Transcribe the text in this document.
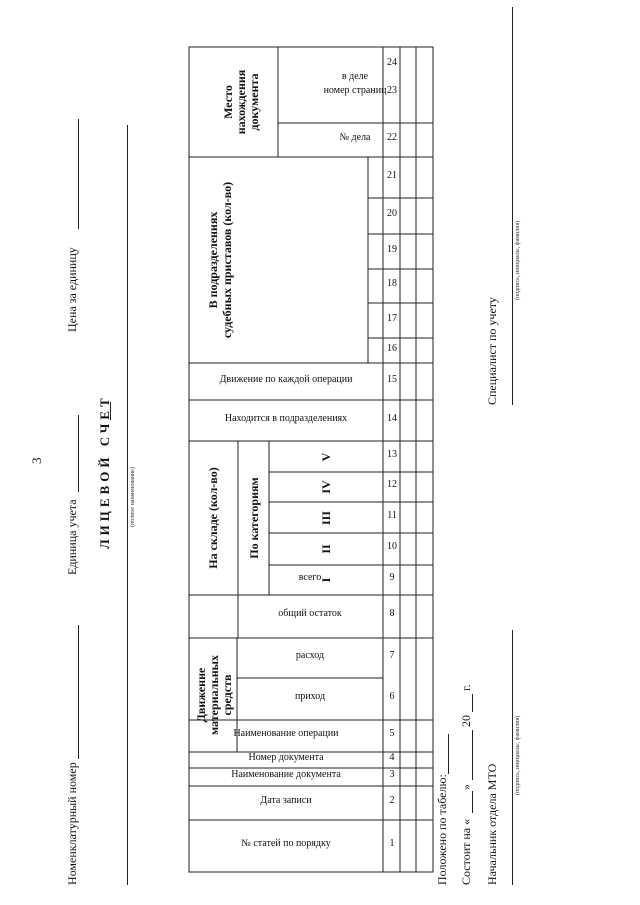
3
Номенклатурный номер
Единица учета
Цена за единицу
ЛИЦЕВОЙ СЧЕТ	(полное наименование)
№ статей по порядку
Дата записи
Наименование документа
Номер документа
Наименование операции
приход
расход
общий остаток
всего
Находится в подразделениях
Движение по каждой операции
№ дела
номер страниц
в деле
Движение материальных средств
На складе (кол-во) По категориям
В подразделениях судебных приставов (кол-во)
Место нахождения документа
I
II
III
IV
V
1
2
3
4
5
6
7
8
9
10
11
12
13
14
15
16
17
18
19
20
21
22
23
24
Положено по табелю: Состоит на «
»
20
г.
Начальник отдела МТО
(подпись, инициалы, фамилия)
Специалист по учету
(подпись, инициалы, фамилия)
